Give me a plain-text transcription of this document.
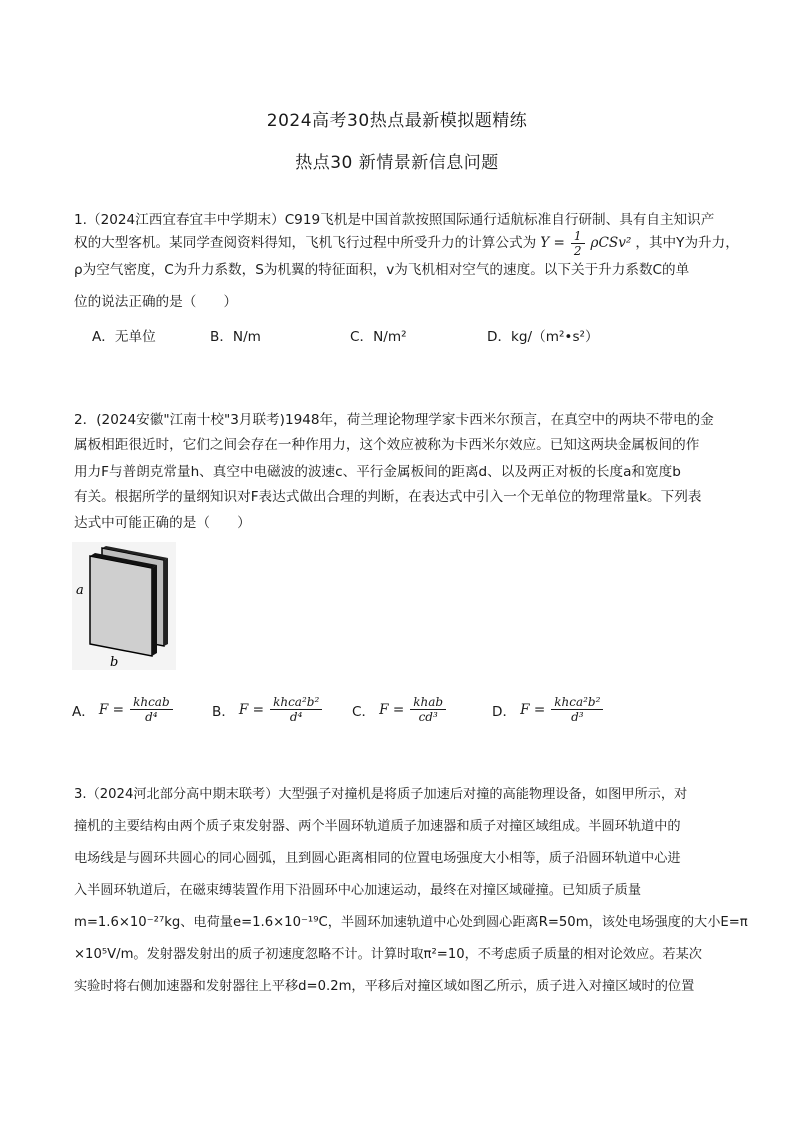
2024高考30热点最新模拟题精练
热点30 新情景新信息问题
1.（2024江西宜春宜丰中学期末）C919飞机是中国首款按照国际通行适航标准自行研制、具有自主知识产
权的大型客机。某同学查阅资料得知，飞机飞行过程中所受升力的计算公式为 $Y = \frac{1}{2} \rho CSv^2$ ，其中Y为升力，
ρ为空气密度，C为升力系数，S为机翼的特征面积，v为飞机相对空气的速度。以下关于升力系数C的单
位的说法正确的是（　　）
A．无单位	B．N/m	C．N/m²	D．kg/（m²•s²）
2．(2024安徽"江南十校"3月联考)1948年，荷兰理论物理学家卡西米尔预言，在真空中的两块不带电的金
属板相距很近时，它们之间会存在一种作用力，这个效应被称为卡西米尔效应。已知这两块金属板间的作
用力F与普朗克常量h、真空中电磁波的波速c、平行金属板间的距离d、以及两正对板的长度a和宽度b
有关。根据所学的量纲知识对F表达式做出合理的判断，在表达式中引入一个无单位的物理常量k。下列表
达式中可能正确的是（　　）
a
b
A． $F = \frac{\text{khcab}}{\text{d⁴}}$	B． $F = \frac{\text{khca²b²}}{\text{d⁴}}$ C． $F = \frac{\text{khab}}{\text{cd³}}$	D． $F = \frac{\text{khca²b²}}{\text{d³}}$
3.（2024河北部分高中期末联考）大型强子对撞机是将质子加速后对撞的高能物理设备，如图甲所示，对
撞机的主要结构由两个质子束发射器、两个半圆环轨道质子加速器和质子对撞区域组成。半圆环轨道中的
电场线是与圆环共圆心的同心圆弧，且到圆心距离相同的位置电场强度大小相等，质子沿圆环轨道中心进
入半圆环轨道后，在磁束缚装置作用下沿圆环中心加速运动，最终在对撞区域碰撞。已知质子质量
m=1.6×10⁻²⁷kg、电荷量e=1.6×10⁻¹⁹C，半圆环加速轨道中心处到圆心距离R=50m，该处电场强度的大小E=π
×10⁵V/m。发射器发射出的质子初速度忽略不计。计算时取π²=10，不考虑质子质量的相对论效应。若某次
实验时将右侧加速器和发射器往上平移d=0.2m，平移后对撞区域如图乙所示，质子进入对撞区域时的位置
